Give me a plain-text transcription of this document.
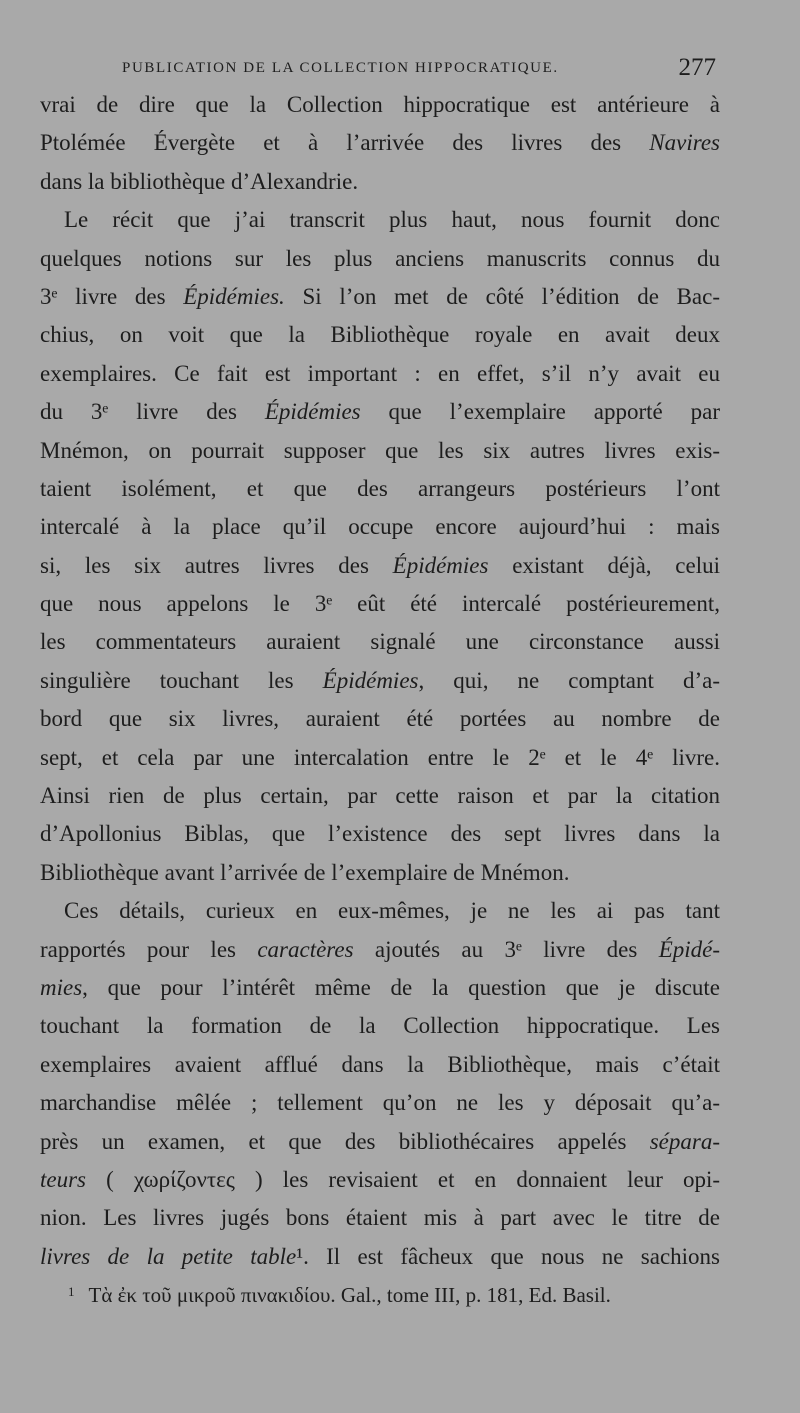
PUBLICATION DE LA COLLECTION HIPPOCRATIQUE.	277
vrai de dire que la Collection hippocratique est antérieure à
Ptolémée Évergète et à l’arrivée des livres des Navires
dans la bibliothèque d’Alexandrie.
Le récit que j’ai transcrit plus haut, nous fournit donc
quelques notions sur les plus anciens manuscrits connus du
3ᵉ livre des Épidémies. Si l’on met de côté l’édition de Bac-
chius, on voit que la Bibliothèque royale en avait deux
exemplaires. Ce fait est important : en effet, s’il n’y avait eu
du 3ᵉ livre des Épidémies que l’exemplaire apporté par
Mnémon, on pourrait supposer que les six autres livres exis-
taient isolément, et que des arrangeurs postérieurs l’ont
intercalé à la place qu’il occupe encore aujourd’hui : mais
si, les six autres livres des Épidémies existant déjà, celui
que nous appelons le 3ᵉ eût été intercalé postérieurement,
les commentateurs auraient signalé une circonstance aussi
singulière touchant les Épidémies, qui, ne comptant d’a-
bord que six livres, auraient été portées au nombre de
sept, et cela par une intercalation entre le 2ᵉ et le 4ᵉ livre.
Ainsi rien de plus certain, par cette raison et par la citation
d’Apollonius Biblas, que l’existence des sept livres dans la
Bibliothèque avant l’arrivée de l’exemplaire de Mnémon.
Ces détails, curieux en eux-mêmes, je ne les ai pas tant
rapportés pour les caractères ajoutés au 3ᵉ livre des Épidé-
mies, que pour l’intérêt même de la question que je discute
touchant la formation de la Collection hippocratique. Les
exemplaires avaient afflué dans la Bibliothèque, mais c’était
marchandise mêlée ; tellement qu’on ne les y déposait qu’a-
près un examen, et que des bibliothécaires appelés sépara-
teurs ( χωρίζοντες ) les revisaient et en donnaient leur opi-
nion. Les livres jugés bons étaient mis à part avec le titre de
livres de la petite table¹. Il est fâcheux que nous ne sachions
$^1$ Τὰ ἐκ τοῦ μικροῦ πινακιδίου. Gal., tome III, p. 181, Ed. Basil.
